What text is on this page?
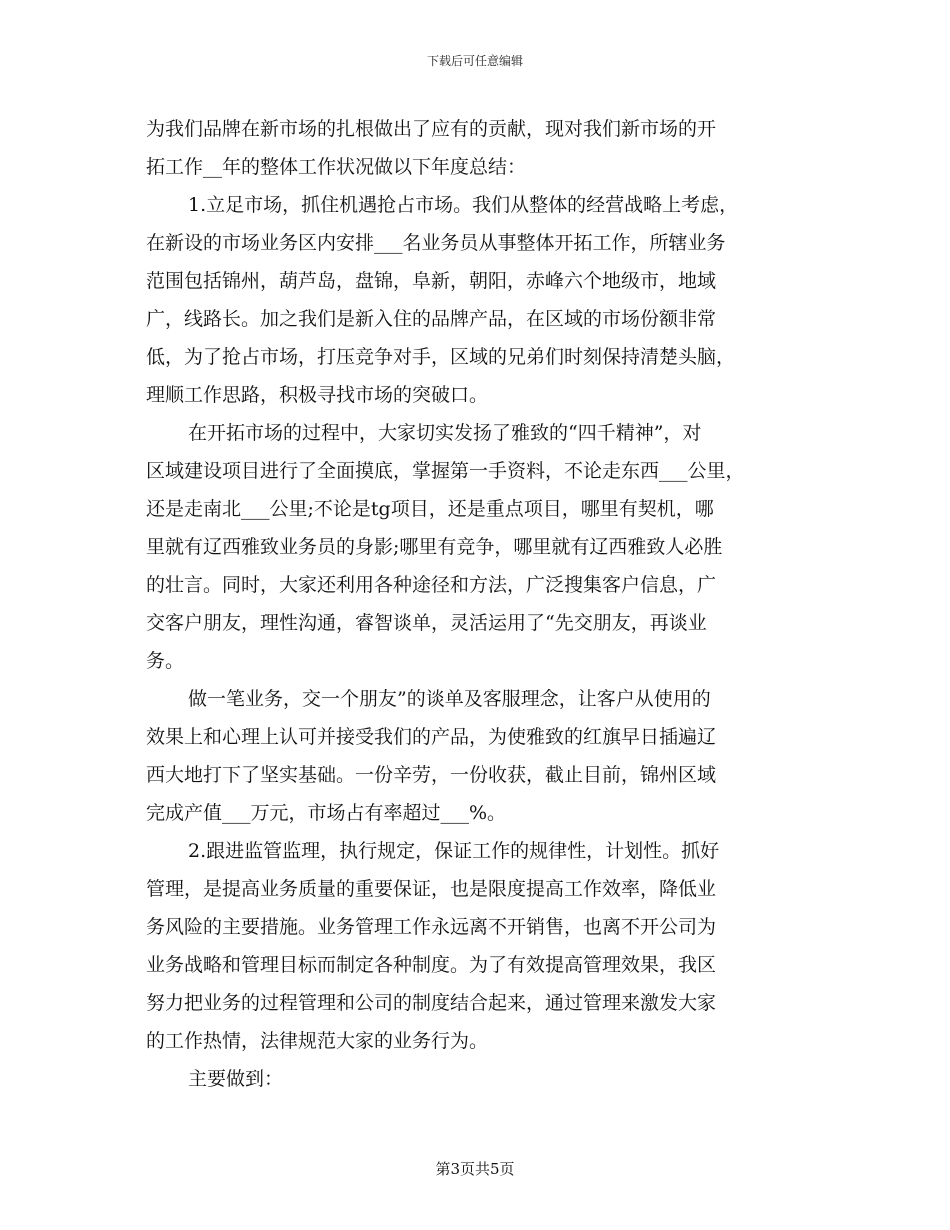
下载后可任意编辑
为我们品牌在新市场的扎根做出了应有的贡献，现对我们新市场的开
拓工作__年的整体工作状况做以下年度总结：
1.立足市场，抓住机遇抢占市场。我们从整体的经营战略上考虑，
在新设的市场业务区内安排___名业务员从事整体开拓工作，所辖业务
范围包括锦州，葫芦岛，盘锦，阜新，朝阳，赤峰六个地级市，地域
广，线路长。加之我们是新入住的品牌产品，在区域的市场份额非常
低，为了抢占市场，打压竞争对手，区域的兄弟们时刻保持清楚头脑，
理顺工作思路，积极寻找市场的突破口。
在开拓市场的过程中，大家切实发扬了雅致的“四千精神”，对
区域建设项目进行了全面摸底，掌握第一手资料，不论走东西___公里，
还是走南北___公里;不论是tg项目，还是重点项目，哪里有契机，哪
里就有辽西雅致业务员的身影;哪里有竞争，哪里就有辽西雅致人必胜
的壮言。同时，大家还利用各种途径和方法，广泛搜集客户信息，广
交客户朋友，理性沟通，睿智谈单，灵活运用了“先交朋友，再谈业
务。
做一笔业务，交一个朋友”的谈单及客服理念，让客户从使用的
效果上和心理上认可并接受我们的产品，为使雅致的红旗早日插遍辽
西大地打下了坚实基础。一份辛劳，一份收获，截止目前，锦州区域
完成产值___万元，市场占有率超过___%。
2.跟进监管监理，执行规定，保证工作的规律性，计划性。抓好
管理，是提高业务质量的重要保证，也是限度提高工作效率，降低业
务风险的主要措施。业务管理工作永远离不开销售，也离不开公司为
业务战略和管理目标而制定各种制度。为了有效提高管理效果，我区
努力把业务的过程管理和公司的制度结合起来，通过管理来激发大家
的工作热情，法律规范大家的业务行为。
主要做到：
第3页共5页
